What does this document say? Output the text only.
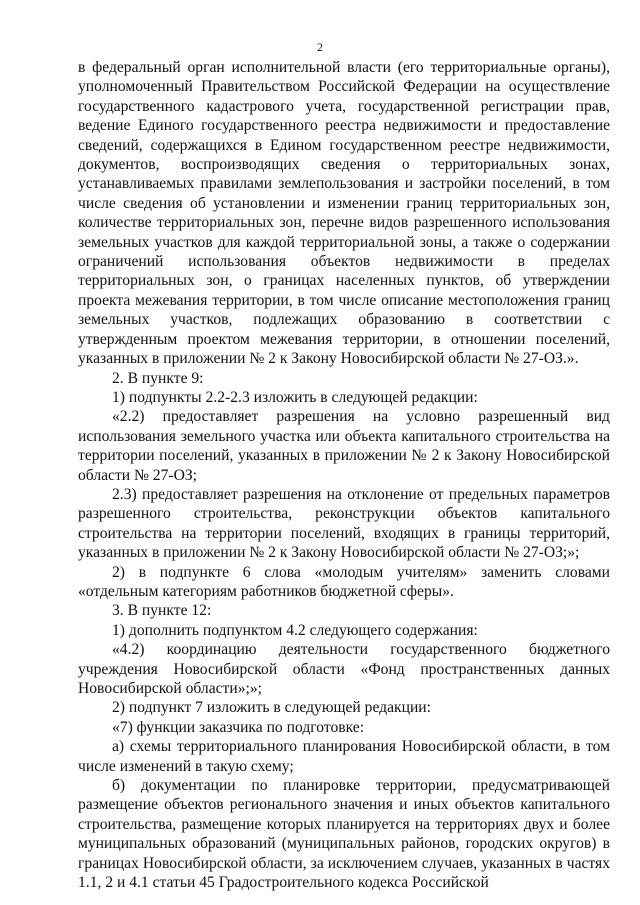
2

в федеральный орган исполнительной власти (его территориальные органы), уполномоченный Правительством Российской Федерации на осуществление государственного кадастрового учета, государственной регистрации прав, ведение Единого государственного реестра недвижимости и предоставление сведений, содержащихся в Едином государственном реестре недвижимости, документов, воспроизводящих сведения о территориальных зонах, устанавливаемых правилами землепользования и застройки поселений, в том числе сведения об установлении и изменении границ территориальных зон, количестве территориальных зон, перечне видов разрешенного использования земельных участков для каждой территориальной зоны, а также о содержании ограничений использования объектов недвижимости в пределах территориальных зон, о границах населенных пунктов, об утверждении проекта межевания территории, в том числе описание местоположения границ земельных участков, подлежащих образованию в соответствии с утвержденным проектом межевания территории, в отношении поселений, указанных в приложении № 2 к Закону Новосибирской области № 27-ОЗ.».

2. В пункте 9:

1) подпункты 2.2-2.3 изложить в следующей редакции:

«2.2) предоставляет разрешения на условно разрешенный вид использования земельного участка или объекта капитального строительства на территории поселений, указанных в приложении № 2 к Закону Новосибирской области № 27-ОЗ;

2.3) предоставляет разрешения на отклонение от предельных параметров разрешенного строительства, реконструкции объектов капитального строительства на территории поселений, входящих в границы территорий, указанных в приложении № 2 к Закону Новосибирской области № 27-ОЗ;»;

2) в подпункте 6 слова «молодым учителям» заменить словами «отдельным категориям работников бюджетной сферы».

3. В пункте 12:

1) дополнить подпунктом 4.2 следующего содержания:

«4.2) координацию деятельности государственного бюджетного учреждения Новосибирской области «Фонд пространственных данных Новосибирской области»;»;

2) подпункт 7 изложить в следующей редакции:

«7) функции заказчика по подготовке:

а) схемы территориального планирования Новосибирской области, в том числе изменений в такую схему;

б) документации по планировке территории, предусматривающей размещение объектов регионального значения и иных объектов капитального строительства, размещение которых планируется на территориях двух и более муниципальных образований (муниципальных районов, городских округов) в границах Новосибирской области, за исключением случаев, указанных в частях 1.1, 2 и 4.1 статьи 45 Градостроительного кодекса Российской
